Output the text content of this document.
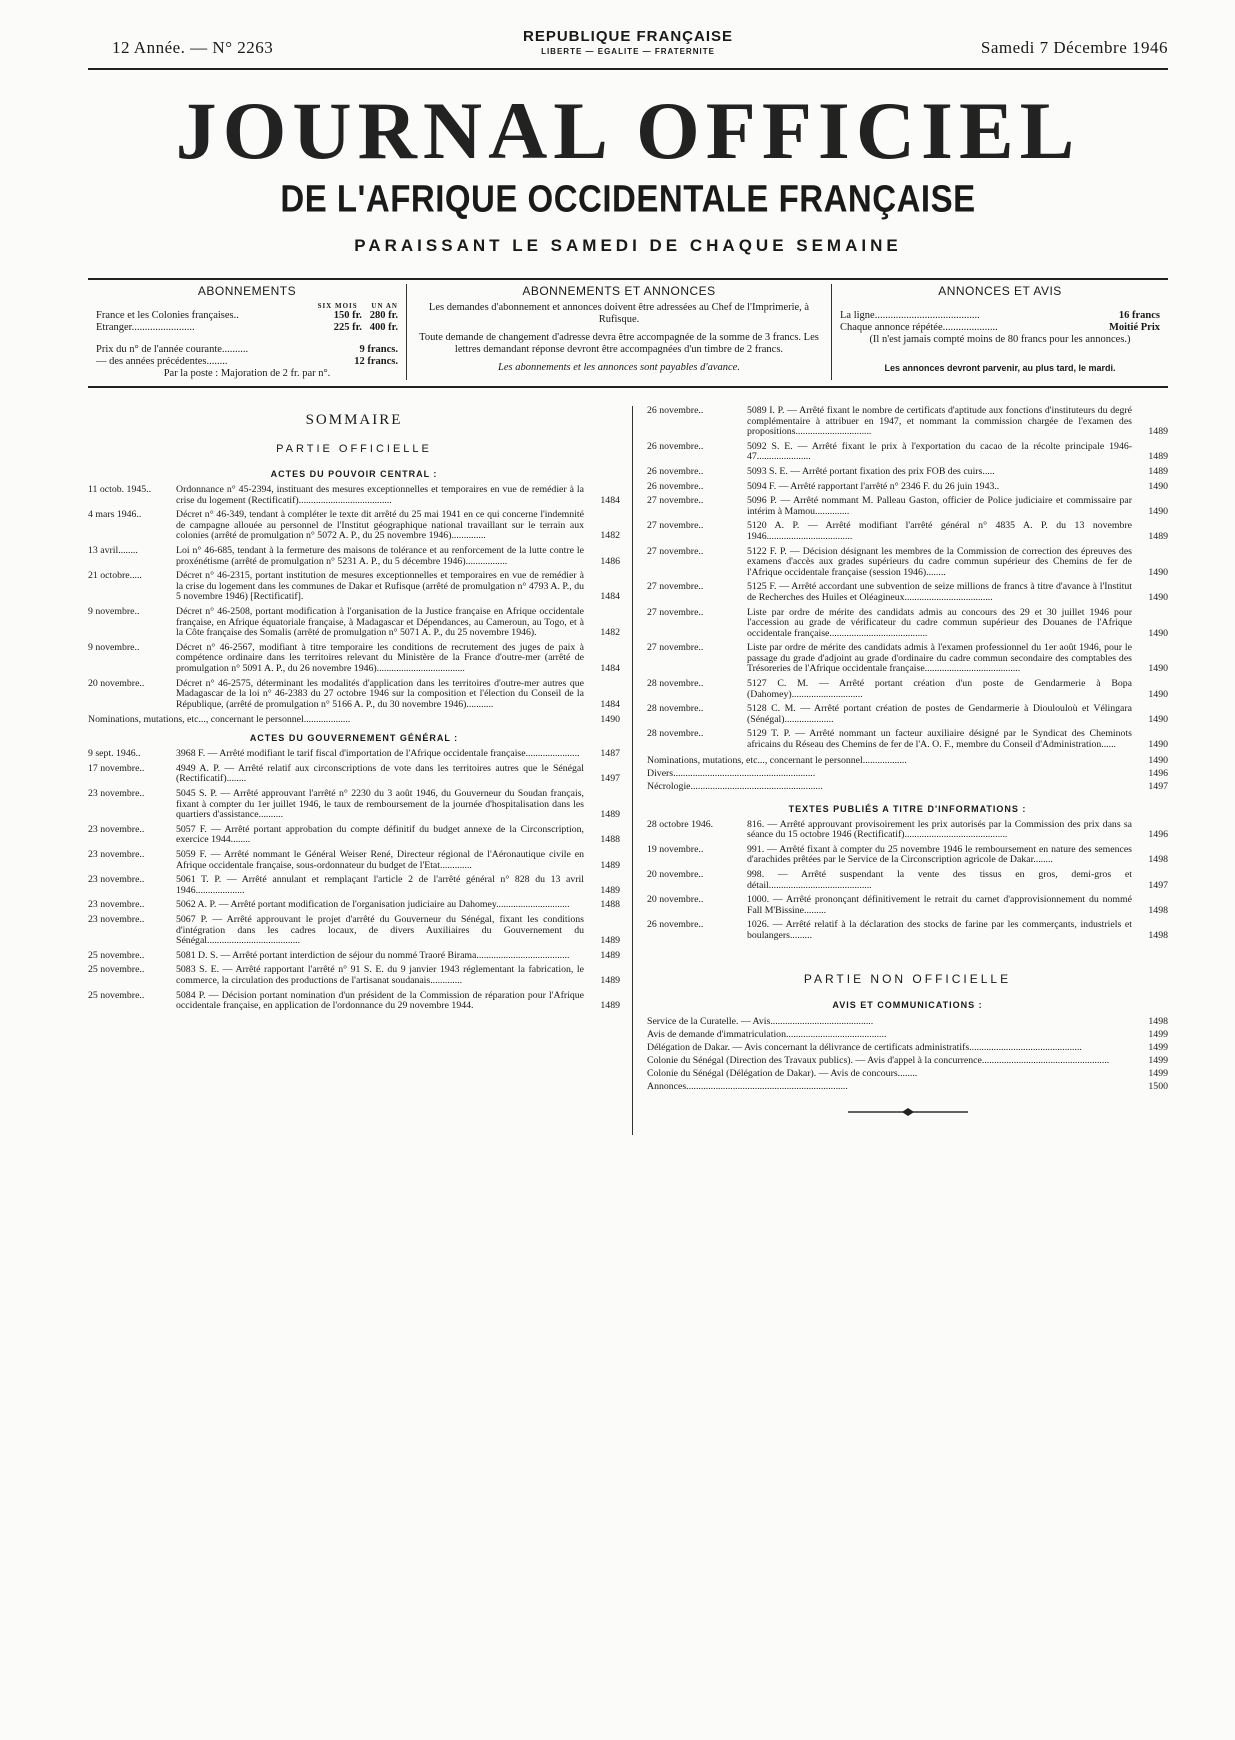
12 Année. — N° 2263
REPUBLIQUE FRANÇAISE
LIBERTE — EGALITE — FRATERNITE	Samedi 7 Décembre 1946
JOURNAL OFFICIEL
DE L'AFRIQUE OCCIDENTALE FRANÇAISE
PARAISSANT LE SAMEDI DE CHAQUE SEMAINE
ABONNEMENTS
SIX MOIS UN AN
France et les Colonies françaises..	150 fr. 280 fr.
Etranger........................	225 fr. 400 fr.
Prix du n° de l'année courante..........	9 francs.
— des années précédentes........	12 francs.
Par la poste : Majoration de 2 fr. par n°.
ABONNEMENTS ET ANNONCES

Les demandes d'abonnement et annonces doivent être adressées au Chef de l'Imprimerie, à Rufisque.

Toute demande de changement d'adresse devra être accompagnée de la somme de 3 francs. Les lettres demandant réponse devront être accompagnées d'un timbre de 2 francs.

Les abonnements et les annonces sont payables d'avance.

ANNONCES ET AVIS
La ligne........................................	16 francs
Chaque annonce répétée.....................	Moitié Prix

(Il n'est jamais compté moins de 80 francs pour les annonces.)

Les annonces devront parvenir, au plus tard, le mardi.

SOMMAIRE
PARTIE OFFICIELLE
ACTES DU POUVOIR CENTRAL :
11 octob. 1945..	Ordonnance n° 45-2394, instituant des mesures exceptionnelles et temporaires en vue de remédier à la crise du logement (Rectificatif)......................................	1484
4 mars 1946..	Décret n° 46-349, tendant à compléter le texte dit arrêté du 25 mai 1941 en ce qui concerne l'indemnité de campagne allouée au personnel de l'Institut géographique national travaillant sur le terrain aux colonies (arrêté de promulgation n° 5072 A. P., du 25 novembre 1946)..............	1482
13 avril........	Loi n° 46-685, tendant à la fermeture des maisons de tolérance et au renforcement de la lutte contre le proxénétisme (arrêté de promulgation n° 5231 A. P., du 5 décembre 1946).................	1486
21 octobre.....	Décret n° 46-2315, portant institution de mesures exceptionnelles et temporaires en vue de remédier à la crise du logement dans les communes de Dakar et Rufisque (arrêté de promulgation n° 4793 A. P., du 5 novembre 1946) [Rectificatif].	1484
9 novembre..	Décret n° 46-2508, portant modification à l'organisation de la Justice française en Afrique occidentale française, en Afrique équatoriale française, à Madagascar et Dépendances, au Cameroun, au Togo, et à la Côte française des Somalis (arrêté de promulgation n° 5071 A. P., du 25 novembre 1946).	1482
9 novembre..	Décret n° 46-2567, modifiant à titre temporaire les conditions de recrutement des juges de paix à compétence ordinaire dans les territoires relevant du Ministère de la France d'outre-mer (arrêté de promulgation n° 5091 A. P., du 26 novembre 1946)....................................	1484
20 novembre..	Décret n° 46-2575, déterminant les modalités d'application dans les territoires d'outre-mer autres que Madagascar de la loi n° 46-2383 du 27 octobre 1946 sur la composition et l'élection du Conseil de la République, (arrêté de promulgation n° 5166 A. P., du 30 novembre 1946)...........	1484
Nominations, mutations, etc..., concernant le personnel...................	1490
ACTES DU GOUVERNEMENT GÉNÉRAL :
9 sept. 1946..	3968 F. — Arrêté modifiant le tarif fiscal d'importation de l'Afrique occidentale française......................	1487
17 novembre..	4949 A. P. — Arrêté relatif aux circonscriptions de vote dans les territoires autres que le Sénégal (Rectificatif)........	1497
23 novembre..	5045 S. P. — Arrêté approuvant l'arrêté n° 2230 du 3 août 1946, du Gouverneur du Soudan français, fixant à compter du 1er juillet 1946, le taux de remboursement de la journée d'hospitalisation dans les quartiers d'assistance..........	1489
23 novembre..	5057 F. — Arrêté portant approbation du compte définitif du budget annexe de la Circonscription, exercice 1944........	1488
23 novembre..	5059 F. — Arrêté nommant le Général Weiser René, Directeur régional de l'Aéronautique civile en Afrique occidentale française, sous-ordonnateur du budget de l'Etat.............	1489
23 novembre..	5061 T. P. — Arrêté annulant et remplaçant l'article 2 de l'arrêté général n° 828 du 13 avril 1946....................	1489
23 novembre..	5062 A. P. — Arrêté portant modification de l'organisation judiciaire au Dahomey..............................	1488
23 novembre..	5067 P. — Arrêté approuvant le projet d'arrêté du Gouverneur du Sénégal, fixant les conditions d'intégration dans les cadres locaux, de divers Auxiliaires du Gouvernement du Sénégal......................................	1489
25 novembre..	5081 D. S. — Arrêté portant interdiction de séjour du nommé Traoré Birama......................................	1489
25 novembre..	5083 S. E. — Arrêté rapportant l'arrêté n° 91 S. E. du 9 janvier 1943 réglementant la fabrication, le commerce, la circulation des productions de l'artisanat soudanais.............	1489
25 novembre..	5084 P. — Décision portant nomination d'un président de la Commission de réparation pour l'Afrique occidentale française, en application de l'ordonnance du 29 novembre 1944.	1489
26 novembre..	5089 I. P. — Arrêté fixant le nombre de certificats d'aptitude aux fonctions d'instituteurs du degré complémentaire à attribuer en 1947, et nommant la commission chargée de l'examen des propositions...............................	1489
26 novembre..	5092 S. E. — Arrêté fixant le prix à l'exportation du cacao de la récolte principale 1946-47......................	1489
26 novembre..	5093 S. E. — Arrêté portant fixation des prix FOB des cuirs.....	1489
26 novembre..	5094 F. — Arrêté rapportant l'arrêté n° 2346 F. du 26 juin 1943..	1490
27 novembre..	5096 P. — Arrêté nommant M. Palleau Gaston, officier de Police judiciaire et commissaire par intérim à Mamou..............	1490
27 novembre..	5120 A. P. — Arrêté modifiant l'arrêté général n° 4835 A. P. du 13 novembre 1946...................................	1489
27 novembre..	5122 F. P. — Décision désignant les membres de la Commission de correction des épreuves des examens d'accès aux grades supérieurs du cadre commun supérieur des Chemins de fer de l'Afrique occidentale française (session 1946)........	1490
27 novembre..	5125 F. — Arrêté accordant une subvention de seize millions de francs à titre d'avance à l'Institut de Recherches des Huiles et Oléagineux....................................	1490
27 novembre..	Liste par ordre de mérite des candidats admis au concours des 29 et 30 juillet 1946 pour l'accession au grade de vérificateur du cadre commun supérieur des Douanes de l'Afrique occidentale française........................................	1490
27 novembre..	Liste par ordre de mérite des candidats admis à l'examen professionnel du 1er août 1946, pour le passage du grade d'adjoint au grade d'ordinaire du cadre commun secondaire des comptables des Trésoreries de l'Afrique occidentale française.......................................	1490
28 novembre..	5127 C. M. — Arrêté portant création d'un poste de Gendarmerie à Bopa (Dahomey).............................	1490
28 novembre..	5128 C. M. — Arrêté portant création de postes de Gendarmerie à Dioulouloù et Vélingara (Sénégal)....................	1490
28 novembre..	5129 T. P. — Arrêté nommant un facteur auxiliaire désigné par le Syndicat des Cheminots africains du Réseau des Chemins de fer de l'A. O. F., membre du Conseil d'Administration......	1490
Nominations, mutations, etc..., concernant le personnel..................	1490
Divers..........................................................	1496
Nécrologie......................................................	1497
TEXTES PUBLIÉS A TITRE D'INFORMATIONS :
28 octobre 1946.	816. — Arrêté approuvant provisoirement les prix autorisés par la Commission des prix dans sa séance du 15 octobre 1946 (Rectificatif)..........................................	1496
19 novembre..	991. — Arrêté fixant à compter du 25 novembre 1946 le remboursement en nature des semences d'arachides prêtées par le Service de la Circonscription agricole de Dakar........	1498
20 novembre..	998. — Arrêté suspendant la vente des tissus en gros, demi-gros et détail..........................................	1497
20 novembre..	1000. — Arrêté prononçant définitivement le retrait du carnet d'approvisionnement du nommé Fall M'Bissine.........	1498
26 novembre..	1026. — Arrêté relatif à la déclaration des stocks de farine par les commerçants, industriels et boulangers.........	1498
PARTIE NON OFFICIELLE
AVIS ET COMMUNICATIONS :
Service de la Curatelle. — Avis..........................................	1498
Avis de demande d'immatriculation.........................................	1499
Délégation de Dakar. — Avis concernant la délivrance de certificats administratifs..............................................	1499
Colonie du Sénégal (Direction des Travaux publics). — Avis d'appel à la concurrence....................................................	1499
Colonie du Sénégal (Délégation de Dakar). — Avis de concours........	1499
Annonces..................................................................	1500
